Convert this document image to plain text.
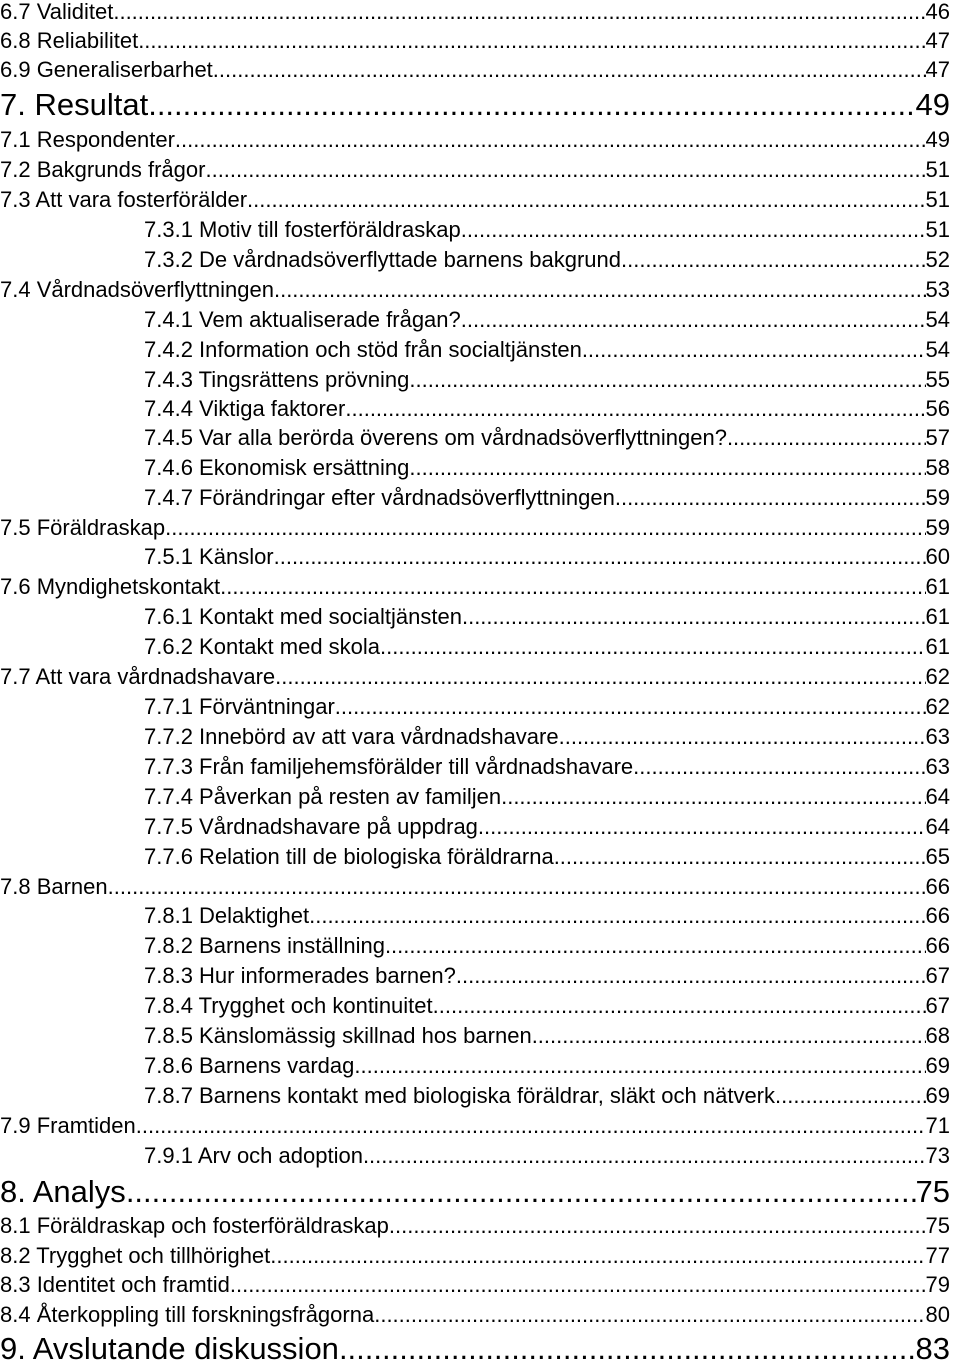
6.7 Validitet .....	46
6.8 Reliabilitet .....	47
6.9 Generaliserbarhet .....	47
7. Resultat .....	49
7.1 Respondenter .....	49
7.2 Bakgrunds frågor .....	51
7.3 Att vara fosterförälder .....	51
7.3.1 Motiv till fosterföräldraskap .....	51
7.3.2 De vårdnadsöverflyttade barnens bakgrund .....	52
7.4 Vårdnadsöverflyttningen .....	53
7.4.1 Vem aktualiserade frågan? .....	54
7.4.2 Information och stöd från socialtjänsten .....	54
7.4.3 Tingsrättens prövning .....	55
7.4.4 Viktiga faktorer .....	56
7.4.5 Var alla berörda överens om vårdnadsöverflyttningen? .....	57
7.4.6 Ekonomisk ersättning .....	58
7.4.7 Förändringar efter vårdnadsöverflyttningen .....	59
7.5 Föräldraskap .....	59
7.5.1 Känslor .....	60
7.6 Myndighetskontakt .....	61
7.6.1 Kontakt med socialtjänsten .....	61
7.6.2 Kontakt med skola .....	61
7.7 Att vara vårdnadshavare .....	62
7.7.1 Förväntningar .....	62
7.7.2 Innebörd av att vara vårdnadshavare .....	63
7.7.3 Från familjehemsförälder till vårdnadshavare .....	63
7.7.4 Påverkan på resten av familjen .....	64
7.7.5 Vårdnadshavare på uppdrag .....	64
7.7.6 Relation till de biologiska föräldrarna .....	65
7.8 Barnen .....	66
7.8.1 Delaktighet .....	66
7.8.2 Barnens inställning .....	66
7.8.3 Hur informerades barnen? .....	67
7.8.4 Trygghet och kontinuitet .....	67
7.8.5 Känslomässig skillnad hos barnen .....	68
7.8.6 Barnens vardag .....	69
7.8.7 Barnens kontakt med biologiska föräldrar, släkt och nätverk .....	69
7.9 Framtiden .....	71
7.9.1 Arv och adoption .....	73
8. Analys .....	75
8.1 Föräldraskap och fosterföräldraskap .....	75
8.2 Trygghet och tillhörighet .....	77
8.3 Identitet och framtid .....	79
8.4 Återkoppling till forskningsfrågorna .....	80
9. Avslutande diskussion .....	83
